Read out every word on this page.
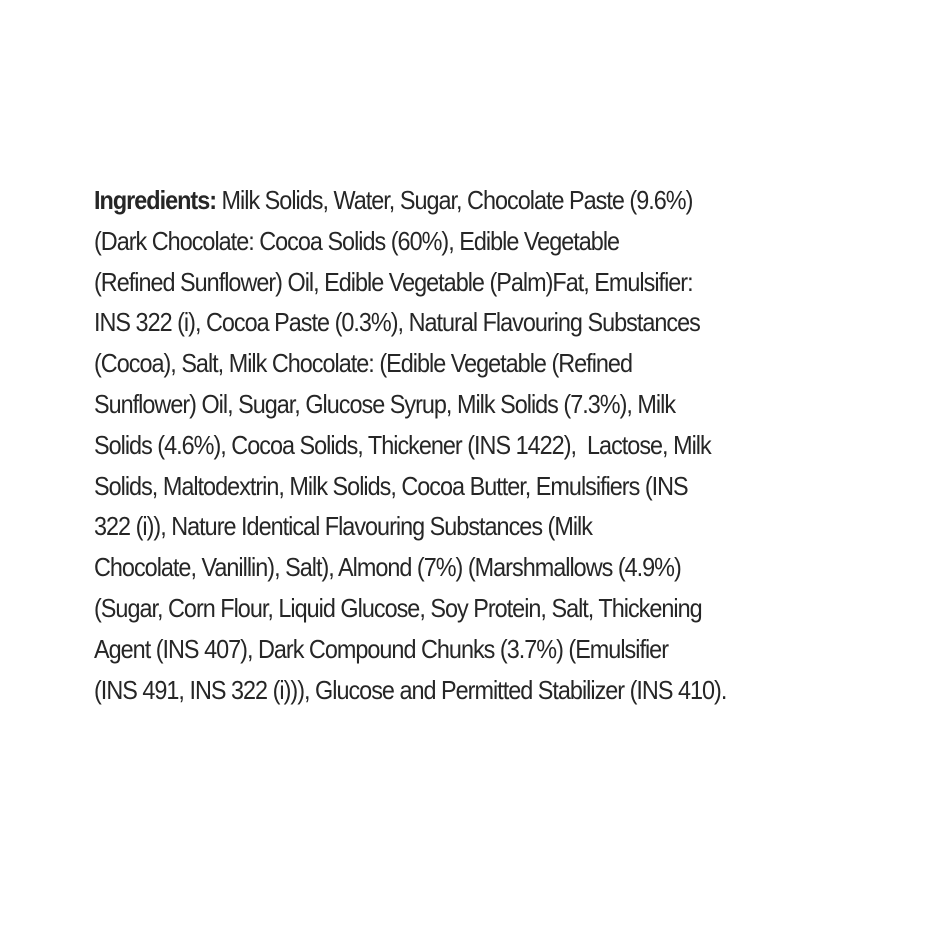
Ingredients: Milk Solids, Water, Sugar, Chocolate Paste (9.6%)
(Dark Chocolate: Cocoa Solids (60%), Edible Vegetable
(Refined Sunflower) Oil, Edible Vegetable (Palm)Fat, Emulsifier:
INS 322 (i), Cocoa Paste (0.3%), Natural Flavouring Substances
(Cocoa), Salt, Milk Chocolate: (Edible Vegetable (Refined
Sunflower) Oil, Sugar, Glucose Syrup, Milk Solids (7.3%), Milk
Solids (4.6%), Cocoa Solids, Thickener (INS 1422),  Lactose, Milk
Solids, Maltodextrin, Milk Solids, Cocoa Butter, Emulsifiers (INS
322 (i)), Nature Identical Flavouring Substances (Milk
Chocolate, Vanillin), Salt), Almond (7%) (Marshmallows (4.9%)
(Sugar, Corn Flour, Liquid Glucose, Soy Protein, Salt, Thickening
Agent (INS 407), Dark Compound Chunks (3.7%) (Emulsifier
(INS 491, INS 322 (i))), Glucose and Permitted Stabilizer (INS 410).
